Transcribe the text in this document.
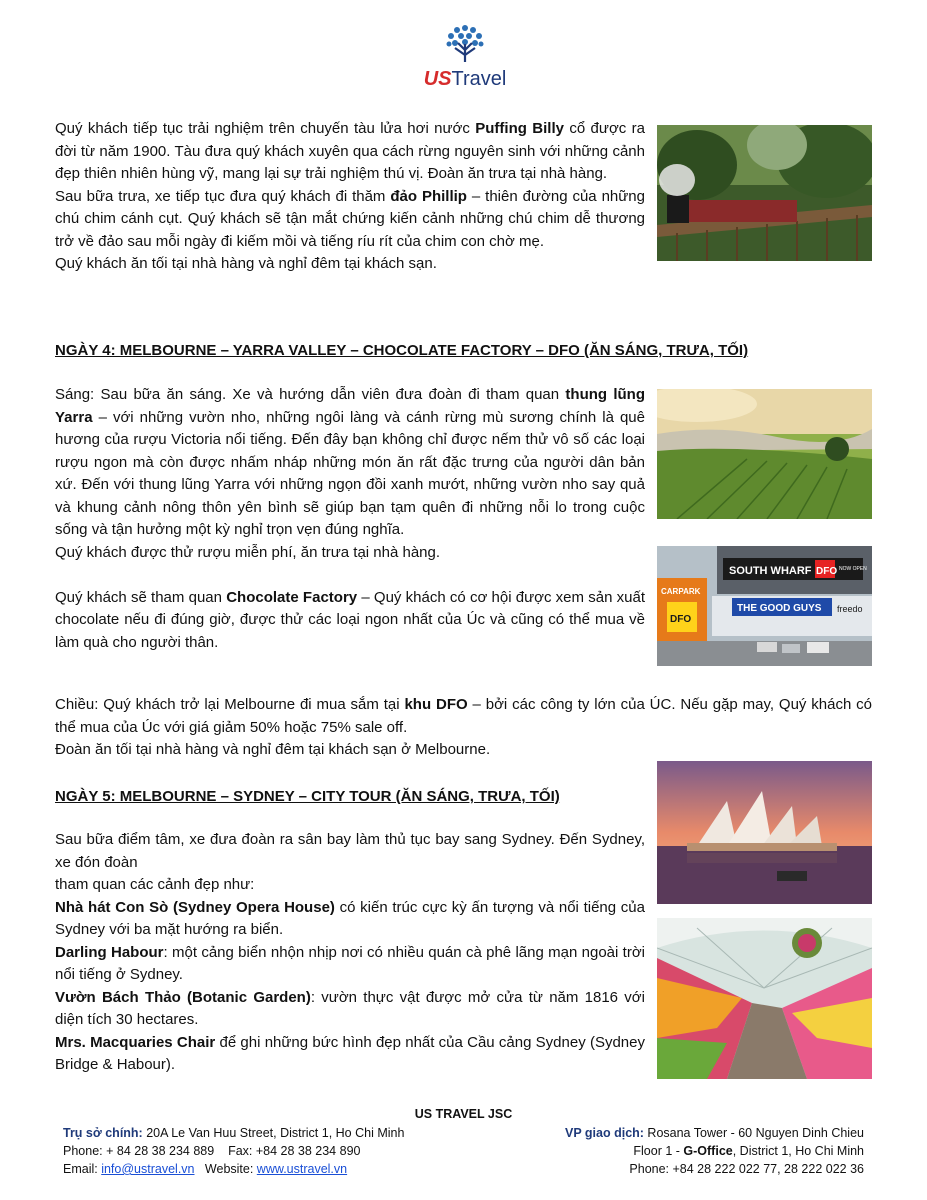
USTravel

Quý khách tiếp tục trải nghiệm trên chuyến tàu lửa hơi nước Puffing Billy cổ được ra đời từ năm 1900. Tàu đưa quý khách xuyên qua cách rừng nguyên sinh với những cảnh đẹp thiên nhiên hùng vỹ, mang lại sự trải nghiệm thú vị. Đoàn ăn trưa tại nhà hàng.

Sau bữa trưa, xe tiếp tục đưa quý khách đi thăm đảo Phillip – thiên đường của những chú chim cánh cụt. Quý khách sẽ tận mắt chứng kiến cảnh những chú chim dễ thương trở về đảo sau mỗi ngày đi kiếm mồi và tiếng ríu rít của chim con chờ mẹ.

Quý khách ăn tối tại nhà hàng và nghỉ đêm tại khách sạn.

NGÀY 4: MELBOURNE – YARRA VALLEY – CHOCOLATE FACTORY – DFO (ĂN SÁNG, TRƯA, TỐI)

Sáng: Sau bữa ăn sáng. Xe và hướng dẫn viên đưa đoàn đi tham quan thung lũng Yarra – với những vườn nho, những ngôi làng và cánh rừng mù sương chính là quê hương của rượu Victoria nổi tiếng. Đến đây bạn không chỉ được nếm thử vô số các loại rượu ngon mà còn được nhấm nháp những món ăn rất đặc trưng của người dân bản xứ. Đến với thung lũng Yarra với những ngọn đồi xanh mướt, những vườn nho say quả và khung cảnh nông thôn yên bình sẽ giúp bạn tạm quên đi những nỗi lo trong cuộc sống và tận hưởng một kỳ nghỉ trọn vẹn đúng nghĩa.

Quý khách được thử rượu miễn phí, ăn trưa tại nhà hàng.

Quý khách sẽ tham quan Chocolate Factory – Quý khách có cơ hội được xem sản xuất chocolate nếu đi đúng giờ, được thử các loại ngon nhất của Úc và cũng có thể mua về làm quà cho người thân.

SOUTH WHARF DFO NOW OPEN
CARPARK
DFO
THE GOOD GUYS freedo

Chiều: Quý khách trở lại Melbourne đi mua sắm tại khu DFO – bởi các công ty lớn của ÚC. Nếu gặp may, Quý khách có thể mua của Úc với giá giảm 50% hoặc 75% sale off.

Đoàn ăn tối tại nhà hàng và nghỉ đêm tại khách sạn ở Melbourne.

NGÀY 5: MELBOURNE – SYDNEY – CITY TOUR (ĂN SÁNG, TRƯA, TỐI)

Sau bữa điểm tâm, xe đưa đoàn ra sân bay làm thủ tục bay sang Sydney. Đến Sydney, xe đón đoàn

tham quan các cảnh đẹp như:

Nhà hát Con Sò (Sydney Opera House) có kiến trúc cực kỳ ấn tượng và nổi tiếng của Sydney với ba mặt hướng ra biển.

Darling Habour: một cảng biển nhộn nhịp nơi có nhiều quán cà phê lãng mạn ngoài trời nổi tiếng ở Sydney.

Vườn Bách Thảo (Botanic Garden): vườn thực vật được mở cửa từ năm 1816 với diện tích 30 hectares.

Mrs. Macquaries Chair để ghi những bức hình đẹp nhất của Cầu cảng Sydney (Sydney Bridge & Habour).

US TRAVEL JSC
Trụ sở chính: 20A Le Van Huu Street, District 1, Ho Chi Minh
Phone: + 84 28 38 234 889    Fax: +84 28 38 234 890
Email: info@ustravel.vn   Website: www.ustravel.vn
VP giao dịch: Rosana Tower - 60 Nguyen Dinh Chieu
Floor 1 - G-Office, District 1, Ho Chi Minh
Phone: +84 28 222 022 77, 28 222 022 36
